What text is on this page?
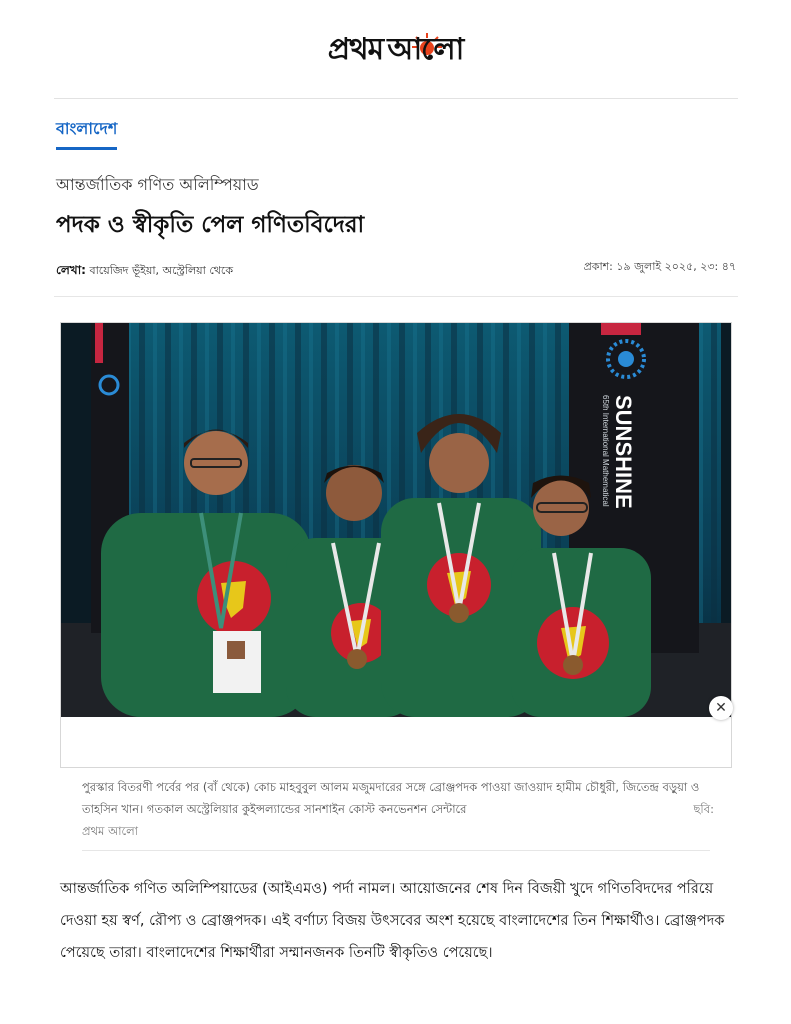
প্রথম আলো
বাংলাদেশ
আন্তর্জাতিক গণিত অলিম্পিয়াড
পদক ও স্বীকৃতি পেল গণিতবিদেরা
লেখা: বায়েজিদ ভূঁইয়া, অস্ট্রেলিয়া থেকে	প্রকাশ: ১৯ জুলাই ২০২৫, ২৩: ৪৭
SUNSHINE
65th International Mathematical
✕
পুরস্কার বিতরণী পর্বের পর (বাঁ থেকে) কোচ মাহবুবুল আলম মজুমদারের সঙ্গে ব্রোঞ্জপদক পাওয়া জাওয়াদ হামীম চৌধুরী, জিতেন্দ্র বড়ুয়া ও তাহসিন খান। গতকাল অস্ট্রেলিয়ার কুইন্সল্যান্ডের সানশাইন কোস্ট কনভেনশন সেন্টারে	ছবি:
প্রথম আলো

আন্তর্জাতিক গণিত অলিম্পিয়াডের (আইএমও) পর্দা নামল। আয়োজনের শেষ দিন বিজয়ী খুদে গণিতবিদদের পরিয়ে দেওয়া হয় স্বর্ণ, রৌপ্য ও ব্রোঞ্জপদক। এই বর্ণাঢ্য বিজয় উৎসবের অংশ হয়েছে বাংলাদেশের তিন শিক্ষার্থীও। ব্রোঞ্জপদক পেয়েছে তারা। বাংলাদেশের শিক্ষার্থীরা সম্মানজনক তিনটি স্বীকৃতিও পেয়েছে।
